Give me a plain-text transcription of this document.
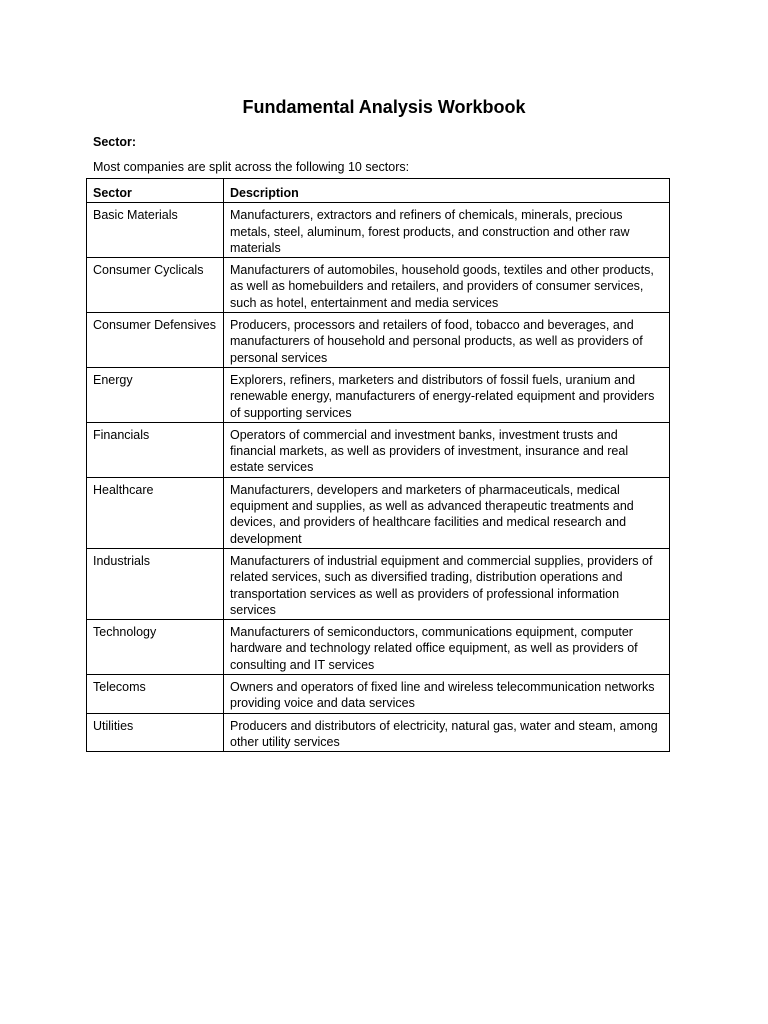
Fundamental Analysis Workbook
Sector:
Most companies are split across the following 10 sectors:
Sector	Description
Basic Materials	Manufacturers, extractors and refiners of chemicals, minerals, precious metals, steel, aluminum, forest products, and construction and other raw materials
Consumer Cyclicals	Manufacturers of automobiles, household goods, textiles and other products, as well as homebuilders and retailers, and providers of consumer services, such as hotel, entertainment and media services
Consumer Defensives	Producers, processors and retailers of food, tobacco and beverages, and manufacturers of household and personal products, as well as providers of personal services
Energy	Explorers, refiners, marketers and distributors of fossil fuels, uranium and renewable energy, manufacturers of energy-related equipment and providers of supporting services
Financials	Operators of commercial and investment banks, investment trusts and financial markets, as well as providers of investment, insurance and real estate services
Healthcare	Manufacturers, developers and marketers of pharmaceuticals, medical equipment and supplies, as well as advanced therapeutic treatments and devices, and providers of healthcare facilities and medical research and development
Industrials	Manufacturers of industrial equipment and commercial supplies, providers of related services, such as diversified trading, distribution operations and transportation services as well as providers of professional information services
Technology	Manufacturers of semiconductors, communications equipment, computer hardware and technology related office equipment, as well as providers of consulting and IT services
Telecoms	Owners and operators of fixed line and wireless telecommunication networks providing voice and data services
Utilities	Producers and distributors of electricity, natural gas, water and steam, among other utility services
